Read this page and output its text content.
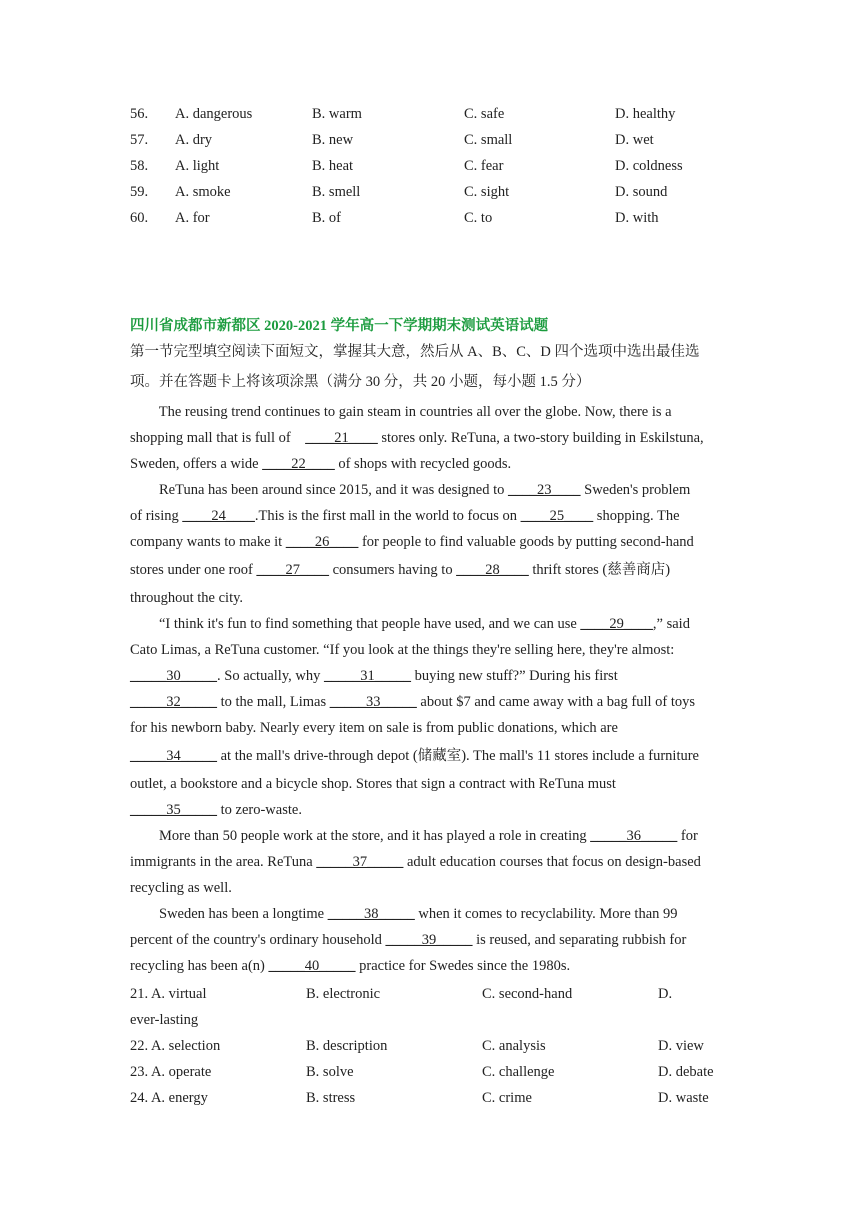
56. A. dangerous	B. warm	C. safe	D. healthy
57. A. dry	B. new	C. small	D. wet
58. A. light	B. heat	C. fear	D. coldness
59. A. smoke	B. smell	C. sight	D. sound
60. A. for	B. of	C. to	D. with
四川省成都市新都区 2020-2021 学年高一下学期期末测试英语试题
第一节完型填空阅读下面短文，掌握其大意，然后从 A、B、C、D 四个选项中选出最佳选
项。并在答题卡上将该项涂黑（满分 30 分，共 20 小题，每小题 1.5 分）
The reusing trend continues to gain steam in countries all over the globe. Now, there is a
shopping mall that is full of    ____21____ stores only. ReTuna, a two-story building in Eskilstuna,
Sweden, offers a wide ____22____ of shops with recycled goods.
ReTuna has been around since 2015, and it was designed to ____23____ Sweden's problem
of rising ____24____.This is the first mall in the world to focus on ____25____ shopping. The
company wants to make it ____26____ for people to find valuable goods by putting second-hand
stores under one roof ____27____ consumers having to ____28____ thrift stores (慈善商店)
throughout the city.
“I think it's fun to find something that people have used, and we can use ____29____,” said
Cato Limas, a ReTuna customer. “If you look at the things they're selling here, they're almost:
_____30_____. So actually, why _____31_____ buying new stuff?” During his first
_____32_____ to the mall, Limas _____33_____ about $7 and came away with a bag full of toys
for his newborn baby. Nearly every item on sale is from public donations, which are
_____34_____ at the mall's drive-through depot (储藏室). The mall's 11 stores include a furniture
outlet, a bookstore and a bicycle shop. Stores that sign a contract with ReTuna must
_____35_____ to zero-waste.
More than 50 people work at the store, and it has played a role in creating _____36_____ for
immigrants in the area. ReTuna _____37_____ adult education courses that focus on design-based
recycling as well.
Sweden has been a longtime _____38_____ when it comes to recyclability. More than 99
percent of the country's ordinary household _____39_____ is reused, and separating rubbish for
recycling has been a(n) _____40_____ practice for Swedes since the 1980s.
21. A. virtual	B. electronic	C. second-hand	D.
ever-lasting
22. A. selection	B. description	C. analysis	D. view
23. A. operate	B. solve	C. challenge	D. debate
24. A. energy	B. stress	C. crime	D. waste
